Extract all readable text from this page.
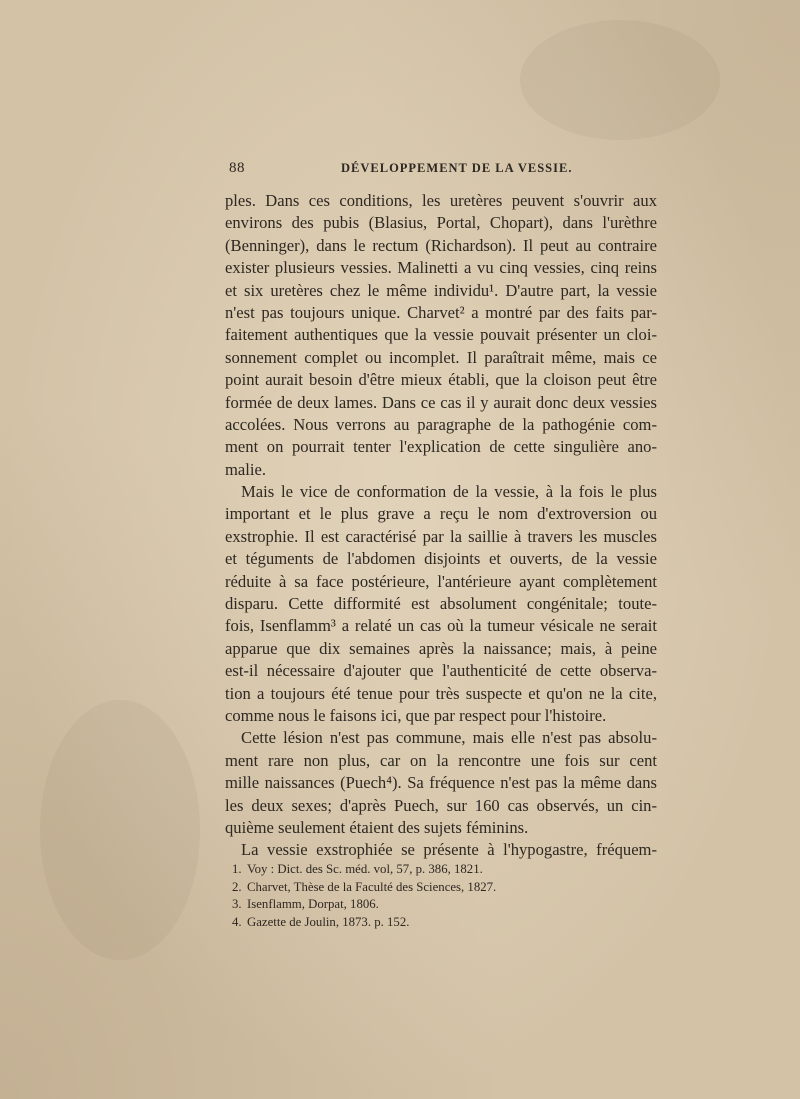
88	DÉVELOPPEMENT DE LA VESSIE.
ples. Dans ces conditions, les uretères peuvent s'ouvrir aux
environs des pubis (Blasius, Portal, Chopart), dans l'urèthre
(Benninger), dans le rectum (Richardson). Il peut au contraire
exister plusieurs vessies. Malinetti a vu cinq vessies, cinq reins
et six uretères chez le même individu¹. D'autre part, la vessie
n'est pas toujours unique. Charvet² a montré par des faits par-
faitement authentiques que la vessie pouvait présenter un cloi-
sonnement complet ou incomplet. Il paraîtrait même, mais ce
point aurait besoin d'être mieux établi, que la cloison peut être
formée de deux lames. Dans ce cas il y aurait donc deux vessies
accolées. Nous verrons au paragraphe de la pathogénie com-
ment on pourrait tenter l'explication de cette singulière ano-
malie.
Mais le vice de conformation de la vessie, à la fois le plus
important et le plus grave a reçu le nom d'extroversion ou
exstrophie. Il est caractérisé par la saillie à travers les muscles
et téguments de l'abdomen disjoints et ouverts, de la vessie
réduite à sa face postérieure, l'antérieure ayant complètement
disparu. Cette difformité est absolument congénitale; toute-
fois, Isenflamm³ a relaté un cas où la tumeur vésicale ne serait
apparue que dix semaines après la naissance; mais, à peine
est-il nécessaire d'ajouter que l'authenticité de cette observa-
tion a toujours été tenue pour très suspecte et qu'on ne la cite,
comme nous le faisons ici, que par respect pour l'histoire.
Cette lésion n'est pas commune, mais elle n'est pas absolu-
ment rare non plus, car on la rencontre une fois sur cent
mille naissances (Puech⁴). Sa fréquence n'est pas la même dans
les deux sexes; d'après Puech, sur 160 cas observés, un cin-
quième seulement étaient des sujets féminins.
La vessie exstrophiée se présente à l'hypogastre, fréquem-
1. Voy : Dict. des Sc. méd. vol, 57, p. 386, 1821.
2. Charvet, Thèse de la Faculté des Sciences, 1827.
3. Isenflamm, Dorpat, 1806.
4. Gazette de Joulin, 1873. p. 152.
